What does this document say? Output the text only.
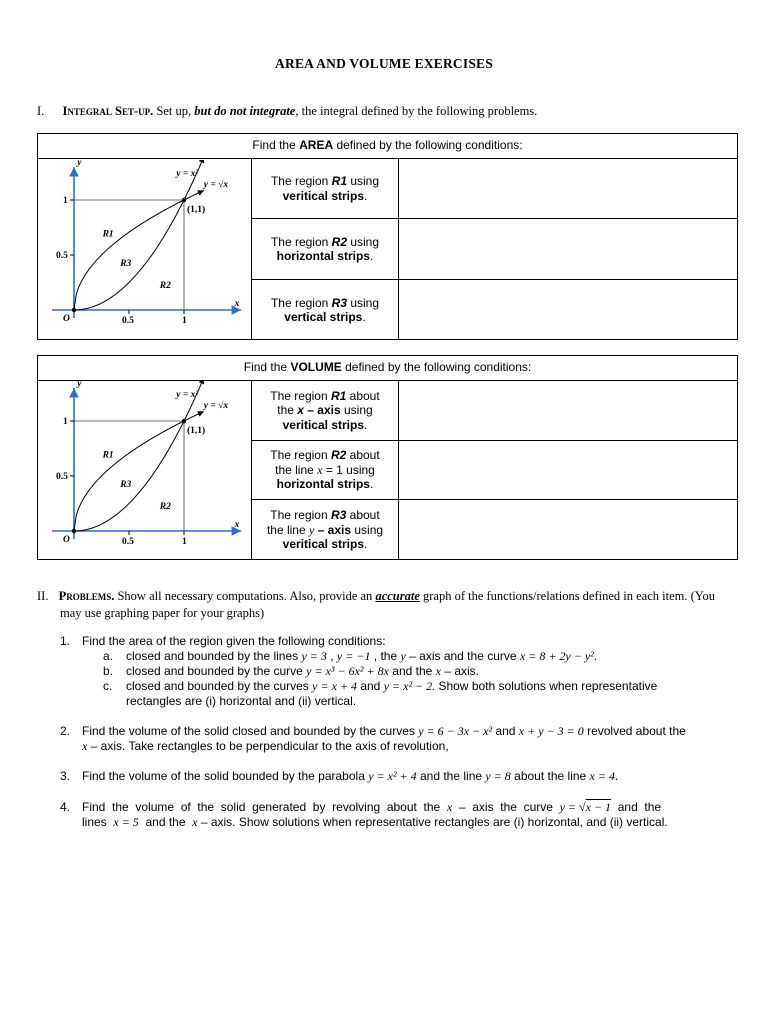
AREA AND VOLUME EXERCISES
I. Integral Set-up. Set up, but do not integrate, the integral defined by the following problems.
Find the AREA defined by the following conditions:
y
x
O	0.5	1
1
0.5
(1,1)
y = x²
y = √x
R1
R2
R3
The region R1 using
veritical strips.
The region R2 using
horizontal strips.
The region R3 using
vertical strips.
Find the VOLUME defined by the following conditions:
y
x
O	0.5	1
1
0.5
(1,1)
y = x²
y = √x
R1
R2
R3
The region R1 about
the x – axis using
veritical strips.
The region R2 about
the line x = 1 using
horizontal strips.
The region R3 about
the line y – axis using
veritical strips.
II. Problems. Show all necessary computations. Also, provide an accurate graph of the functions/relations defined in each item. (You
may use graphing paper for your graphs)
1. Find the area of the region given the following conditions:
a. closed and bounded by the lines y = 3 , y = −1 , the y – axis and the curve x = 8 + 2y − y².
b. closed and bounded by the curve y = x³ − 6x² + 8x and the x – axis.
c. closed and bounded by the curves y = x + 4 and y = x² − 2. Show both solutions when representative
rectangles are (i) horizontal and (ii) vertical.
2. Find the volume of the solid closed and bounded by the curves y = 6 − 3x − x² and x + y − 3 = 0 revolved about the
x – axis. Take rectangles to be perpendicular to the axis of revolution,
3. Find the volume of the solid bounded by the parabola y = x² + 4 and the line y = 8 about the line x = 4.
4. Find  the  volume  of  the  solid  generated  by  revolving  about  the  x  –  axis  the  curve  y = √x − 1  and  the
lines  x = 5  and the  x – axis. Show solutions when representative rectangles are (i) horizontal, and (ii) vertical.
